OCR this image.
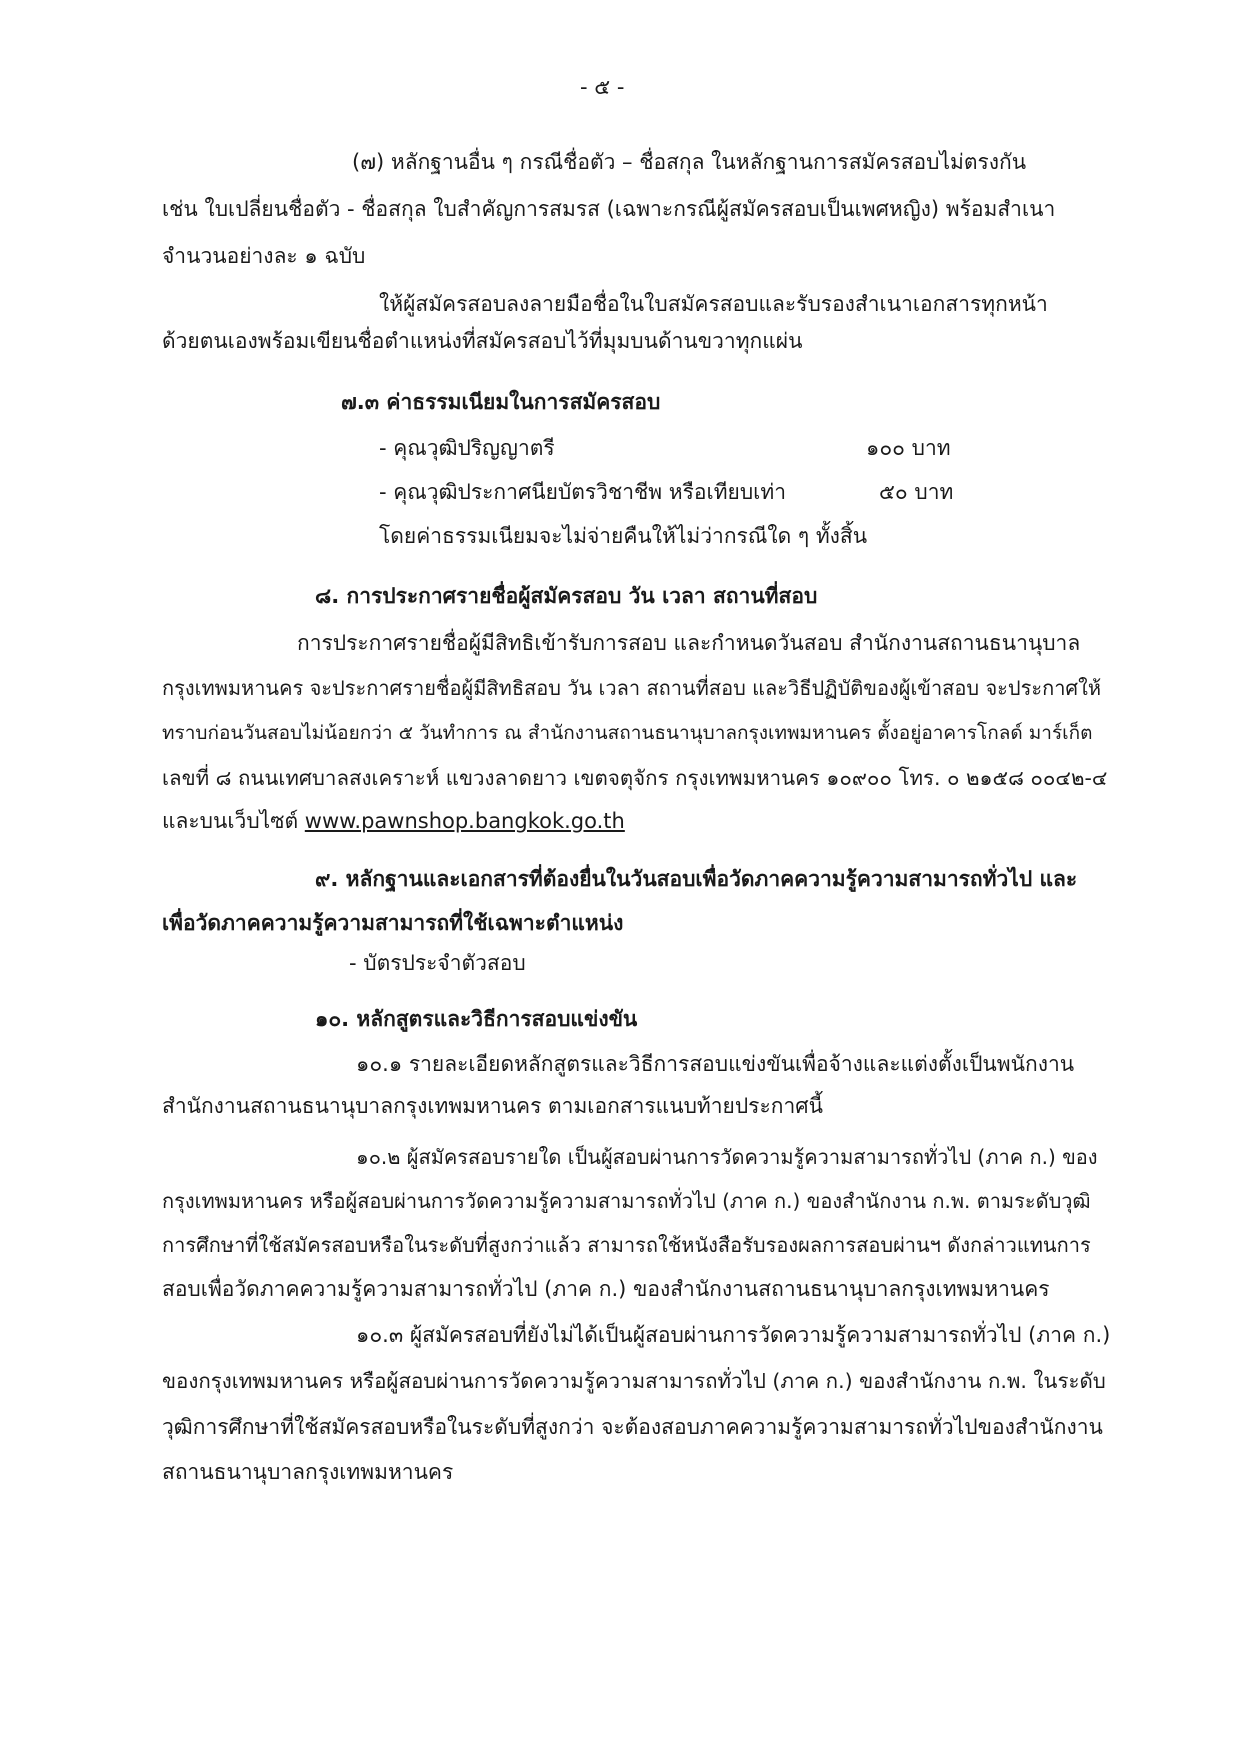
- ๕ -
(๗) หลักฐานอื่น ๆ กรณีชื่อตัว – ชื่อสกุล ในหลักฐานการสมัครสอบไม่ตรงกัน
เช่น ใบเปลี่ยนชื่อตัว - ชื่อสกุล ใบสำคัญการสมรส (เฉพาะกรณีผู้สมัครสอบเป็นเพศหญิง) พร้อมสำเนา
จำนวนอย่างละ ๑ ฉบับ
ให้ผู้สมัครสอบลงลายมือชื่อในใบสมัครสอบและรับรองสำเนาเอกสารทุกหน้า
ด้วยตนเองพร้อมเขียนชื่อตำแหน่งที่สมัครสอบไว้ที่มุมบนด้านขวาทุกแผ่น
๗.๓ ค่าธรรมเนียมในการสมัครสอบ
- คุณวุฒิปริญญาตรี	๑๐๐ บาท
- คุณวุฒิประกาศนียบัตรวิชาชีพ หรือเทียบเท่า	๕๐ บาท
โดยค่าธรรมเนียมจะไม่จ่ายคืนให้ไม่ว่ากรณีใด ๆ ทั้งสิ้น
๘. การประกาศรายชื่อผู้สมัครสอบ วัน เวลา สถานที่สอบ
การประกาศรายชื่อผู้มีสิทธิเข้ารับการสอบ และกำหนดวันสอบ สำนักงานสถานธนานุบาล
กรุงเทพมหานคร จะประกาศรายชื่อผู้มีสิทธิสอบ วัน เวลา สถานที่สอบ และวิธีปฏิบัติของผู้เข้าสอบ จะประกาศให้
ทราบก่อนวันสอบไม่น้อยกว่า ๕ วันทำการ ณ สำนักงานสถานธนานุบาลกรุงเทพมหานคร ตั้งอยู่อาคารโกลด์ มาร์เก็ต
เลขที่ ๘ ถนนเทศบาลสงเคราะห์ แขวงลาดยาว เขตจตุจักร กรุงเทพมหานคร ๑๐๙๐๐ โทร. ๐ ๒๑๕๘ ๐๐๔๒-๔
และบนเว็บไซต์ www.pawnshop.bangkok.go.th
๙. หลักฐานและเอกสารที่ต้องยื่นในวันสอบเพื่อวัดภาคความรู้ความสามารถทั่วไป และ
เพื่อวัดภาคความรู้ความสามารถที่ใช้เฉพาะตำแหน่ง
- บัตรประจำตัวสอบ
๑๐. หลักสูตรและวิธีการสอบแข่งขัน
๑๐.๑ รายละเอียดหลักสูตรและวิธีการสอบแข่งขันเพื่อจ้างและแต่งตั้งเป็นพนักงาน
สำนักงานสถานธนานุบาลกรุงเทพมหานคร ตามเอกสารแนบท้ายประกาศนี้
๑๐.๒ ผู้สมัครสอบรายใด เป็นผู้สอบผ่านการวัดความรู้ความสามารถทั่วไป (ภาค ก.) ของ
กรุงเทพมหานคร หรือผู้สอบผ่านการวัดความรู้ความสามารถทั่วไป (ภาค ก.) ของสำนักงาน ก.พ. ตามระดับวุฒิ
การศึกษาที่ใช้สมัครสอบหรือในระดับที่สูงกว่าแล้ว สามารถใช้หนังสือรับรองผลการสอบผ่านฯ ดังกล่าวแทนการ
สอบเพื่อวัดภาคความรู้ความสามารถทั่วไป (ภาค ก.) ของสำนักงานสถานธนานุบาลกรุงเทพมหานคร
๑๐.๓ ผู้สมัครสอบที่ยังไม่ได้เป็นผู้สอบผ่านการวัดความรู้ความสามารถทั่วไป (ภาค ก.)
ของกรุงเทพมหานคร หรือผู้สอบผ่านการวัดความรู้ความสามารถทั่วไป (ภาค ก.) ของสำนักงาน ก.พ. ในระดับ
วุฒิการศึกษาที่ใช้สมัครสอบหรือในระดับที่สูงกว่า จะต้องสอบภาคความรู้ความสามารถทั่วไปของสำนักงาน
สถานธนานุบาลกรุงเทพมหานคร
